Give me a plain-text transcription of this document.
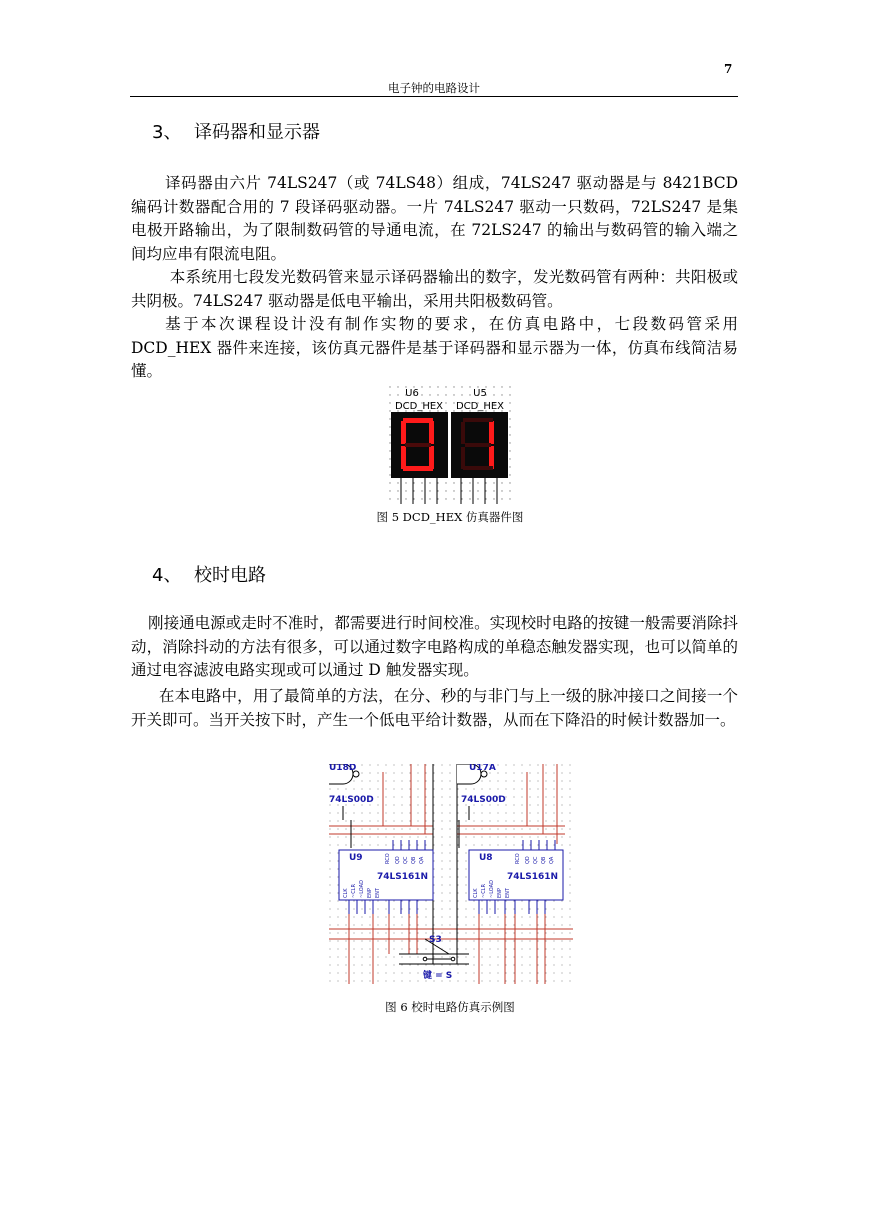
7
电子钟的电路设计
3、 译码器和显示器

译码器由六片 74LS247（或 74LS48）组成，74LS247 驱动器是与 8421BCD 编码计数器配合用的 7 段译码驱动器。一片 74LS247 驱动一只数码，72LS247 是集电极开路输出，为了限制数码管的导通电流，在 72LS247 的输出与数码管的输入端之间均应串有限流电阻。

本系统用七段发光数码管来显示译码器输出的数字，发光数码管有两种：共阳极或共阴极。74LS247 驱动器是低电平输出，采用共阳极数码管。

基于本次课程设计没有制作实物的要求，在仿真电路中，七段数码管采用 DCD_HEX 器件来连接，该仿真元器件是基于译码器和显示器为一体，仿真布线简洁易懂。

U6	U5
DCD_HEX DCD_HEX
图 5 DCD_HEX 仿真器件图
4、 校时电路

刚接通电源或走时不准时，都需要进行时间校准。实现校时电路的按键一般需要消除抖动，消除抖动的方法有很多，可以通过数字电路构成的单稳态触发器实现，也可以简单的通过电容滤波电路实现或可以通过 D 触发器实现。

在本电路中，用了最简单的方法，在分、秒的与非门与上一级的脉冲接口之间接一个开关即可。当开关按下时，产生一个低电平给计数器，从而在下降沿的时候计数器加一。

U18D	U17A
74LS00D	74LS00D
U9
74LS161N
U8
74LS161N
RCO QD QC QB QA
CLK ~CLR ~LOAD ENP ENT
RCO QD QC QB QA
CLK ~CLR ~LOAD ENP ENT
S3
键 = S
图 6 校时电路仿真示例图
